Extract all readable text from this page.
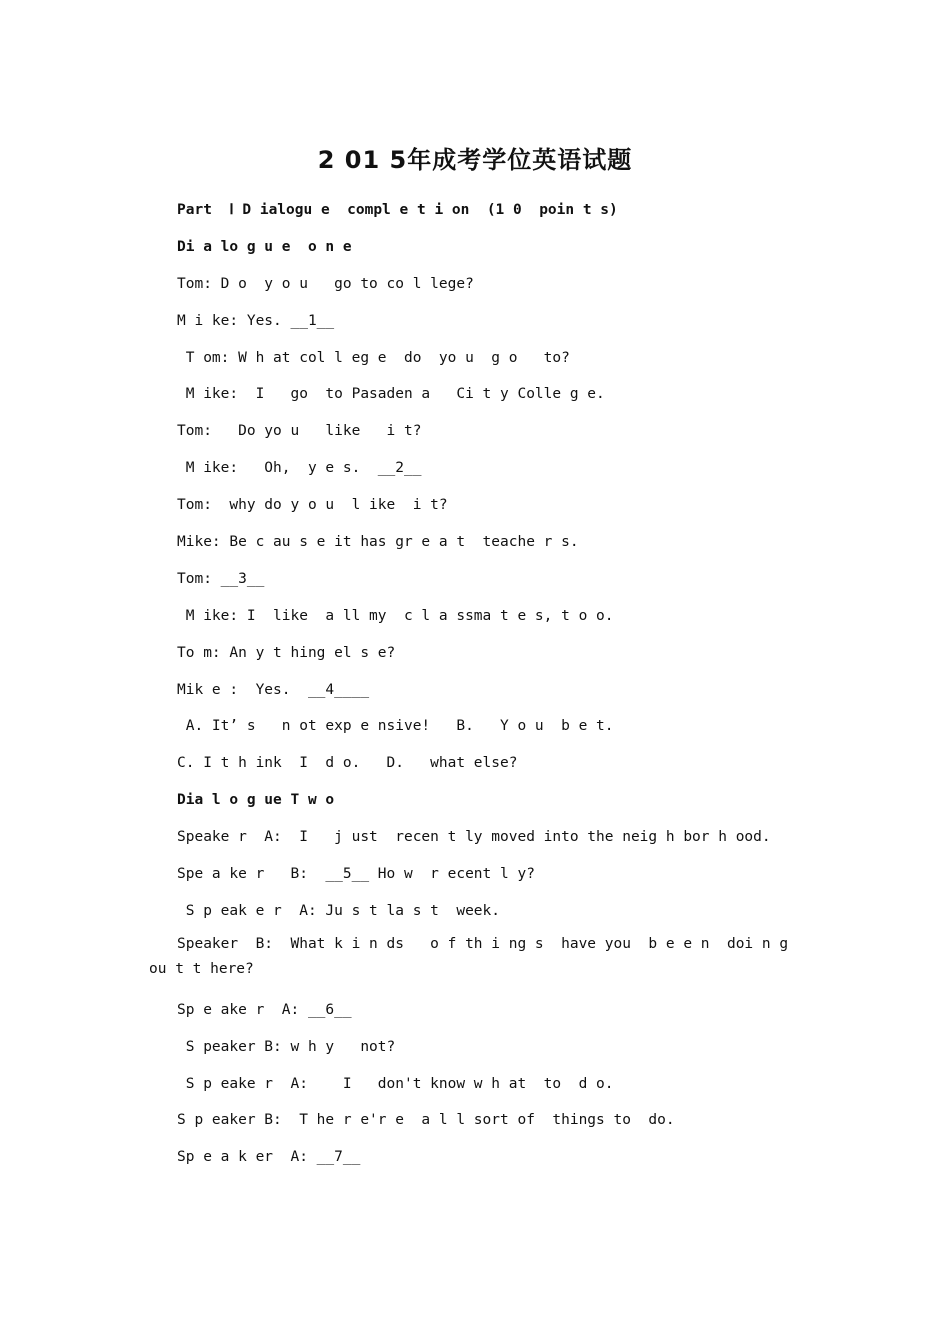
2 01 5年成考学位英语试题

Part  Ⅰ D ialogu e  compl e t i on  (1 0  poin t s)

Di a lo g u e  o n e

Tom: D o  y o u   go to co l lege?

M i ke: Yes. __1__

T om: W h at col l eg e  do  yo u  g o   to?

M ike:  I   go  to Pasaden a   Ci t y Colle g e.

Tom:   Do yo u   like   i t?

M ike:   Oh,  y e s.  __2__

Tom:  why do y o u  l ike  i t?

Mike: Be c au s e it has gr e a t  teache r s.

Tom: __3__

M ike: I  like  a ll my  c l a ssma t e s, t o o.

To m: An y t hing el s e?

Mik e :  Yes.  __4____

A. It’ s   n ot exp e nsive!   B.   Y o u  b e t.

C. I t h ink  I  d o.   D.   what else?

Dia l o g ue T w o

Speake r  A:  I   j ust  recen t ly moved into the neig h bor h ood.

Spe a ke r   B:  __5__ Ho w  r ecent l y?

S p eak e r  A: Ju s t la s t  week.

Speaker  B:  What k i n ds   o f th i ng s  have you  b e e n  doi n g ou t t here?

Sp e ake r  A: __6__

S peaker B: w h y   not?

S p eake r  A:    I   don't know w h at  to  d o.

S p eaker B:  T he r e'r e  a l l sort of  things to  do.

Sp e a k er  A: __7__
